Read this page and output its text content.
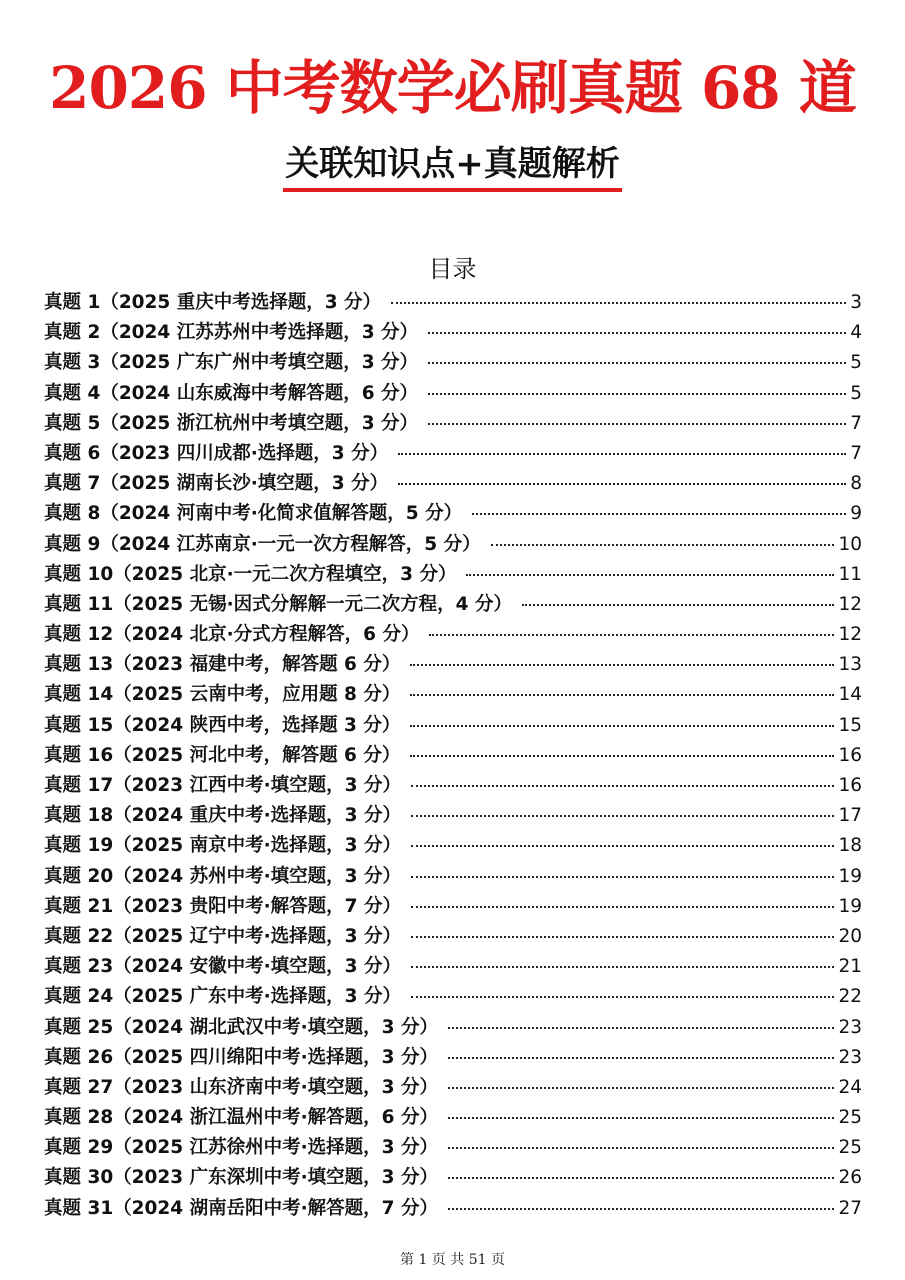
2026 中考数学必刷真题 68 道
关联知识点+真题解析
目录
真题 1（2025 重庆中考选择题，3 分）	3
真题 2（2024 江苏苏州中考选择题，3 分）	4
真题 3（2025 广东广州中考填空题，3 分）	5
真题 4（2024 山东威海中考解答题，6 分）	5
真题 5（2025 浙江杭州中考填空题，3 分）	7
真题 6（2023 四川成都·选择题，3 分）	7
真题 7（2025 湖南长沙·填空题，3 分）	8
真题 8（2024 河南中考·化简求值解答题，5 分）	9
真题 9（2024 江苏南京·一元一次方程解答，5 分）	10
真题 10（2025 北京·一元二次方程填空，3 分）	11
真题 11（2025 无锡·因式分解解一元二次方程，4 分）	12
真题 12（2024 北京·分式方程解答，6 分）	12
真题 13（2023 福建中考，解答题 6 分）	13
真题 14（2025 云南中考，应用题 8 分）	14
真题 15（2024 陕西中考，选择题 3 分）	15
真题 16（2025 河北中考，解答题 6 分）	16
真题 17（2023 江西中考·填空题，3 分）	16
真题 18（2024 重庆中考·选择题，3 分）	17
真题 19（2025 南京中考·选择题，3 分）	18
真题 20（2024 苏州中考·填空题，3 分）	19
真题 21（2023 贵阳中考·解答题，7 分）	19
真题 22（2025 辽宁中考·选择题，3 分）	20
真题 23（2024 安徽中考·填空题，3 分）	21
真题 24（2025 广东中考·选择题，3 分）	22
真题 25（2024 湖北武汉中考·填空题，3 分）	23
真题 26（2025 四川绵阳中考·选择题，3 分）	23
真题 27（2023 山东济南中考·填空题，3 分）	24
真题 28（2024 浙江温州中考·解答题，6 分）	25
真题 29（2025 江苏徐州中考·选择题，3 分）	25
真题 30（2023 广东深圳中考·填空题，3 分）	26
真题 31（2024 湖南岳阳中考·解答题，7 分）	27
第 1 页 共 51 页
